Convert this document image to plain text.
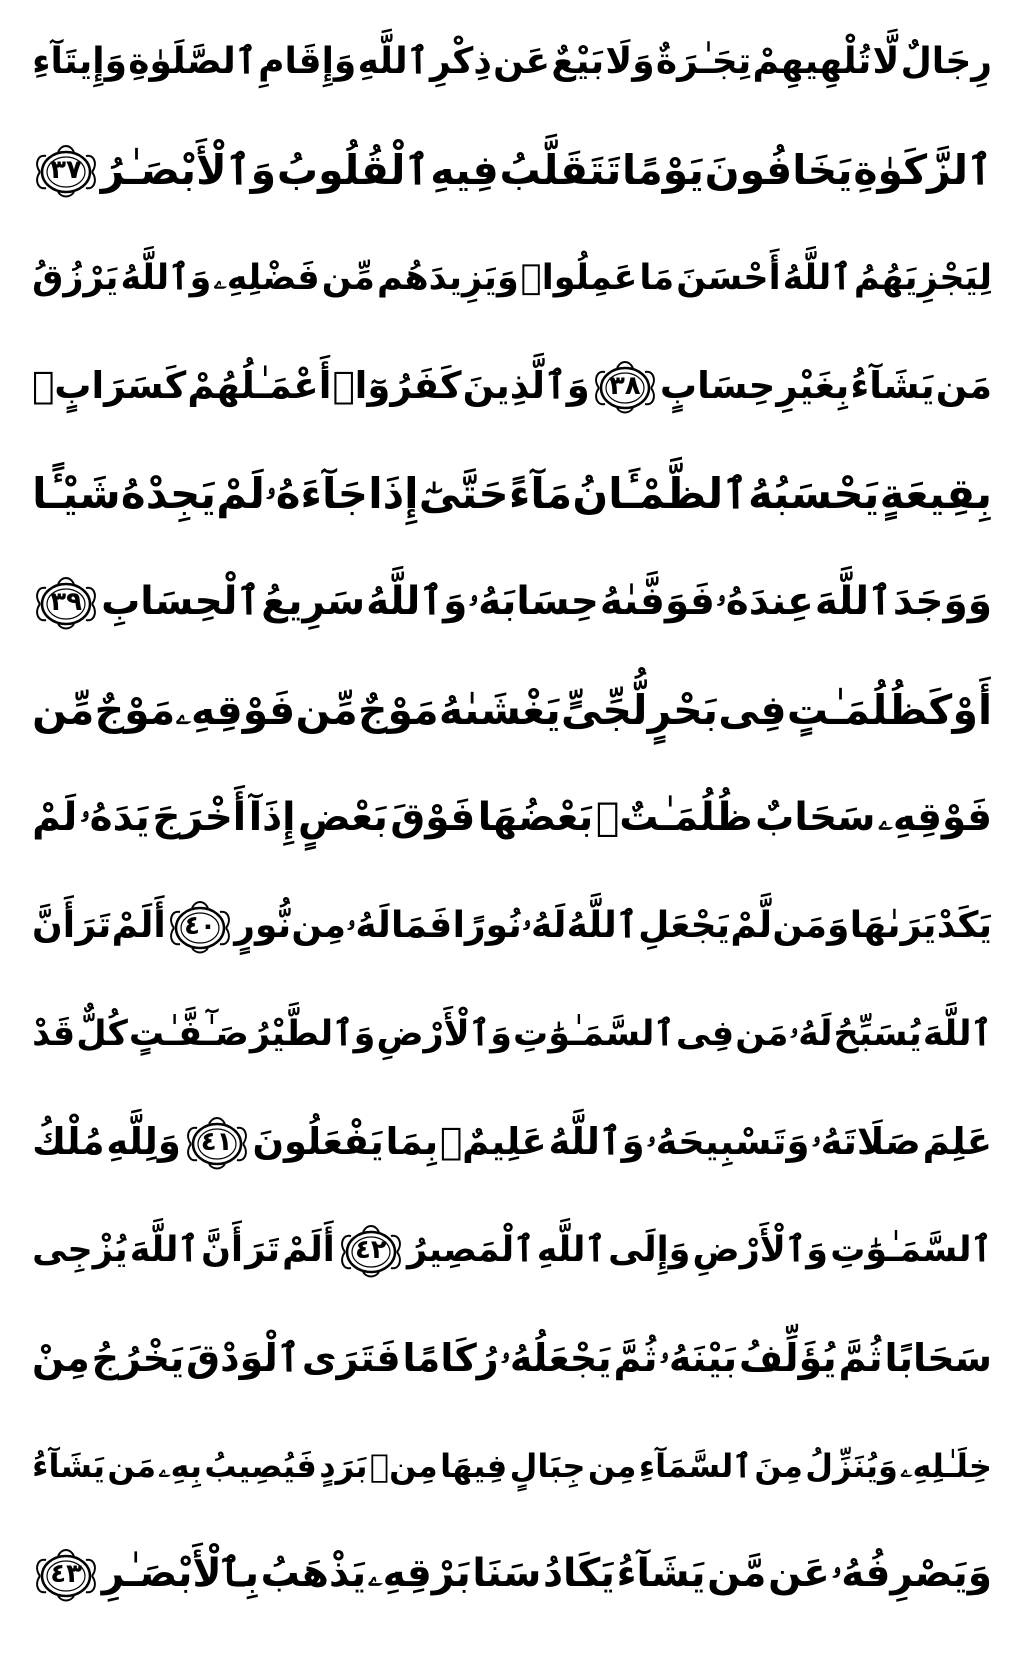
رِجَالٌ
لَّا
تُلْهِيهِمْ
تِجَـٰرَةٌ
وَلَا
بَيْعٌ
عَن
ذِكْرِ
ٱللَّهِ
وَإِقَامِ
ٱلصَّلَوٰةِ
وَإِيتَآءِ
ٱلزَّكَوٰةِ
يَخَافُونَ
يَوْمًا
تَتَقَلَّبُ
فِيهِ
ٱلْقُلُوبُ
وَٱلْأَبْصَـٰرُ
٣٧
لِيَجْزِيَهُمُ
ٱللَّهُ
أَحْسَنَ
مَا
عَمِلُوا۟
وَيَزِيدَهُم
مِّن
فَضْلِهِۦ
وَٱللَّهُ
يَرْزُقُ
مَن
يَشَآءُ
بِغَيْرِ
حِسَابٍ
٣٨
وَٱلَّذِينَ
كَفَرُوٓا۟
أَعْمَـٰلُهُمْ
كَسَرَابٍۭ
بِقِيعَةٍ
يَحْسَبُهُ
ٱلظَّمْـَٔانُ
مَآءً
حَتَّىٰٓ
إِذَا
جَآءَهُۥ
لَمْ
يَجِدْهُ
شَيْـًٔا
وَوَجَدَ
ٱللَّهَ
عِندَهُۥ
فَوَفَّىٰهُ
حِسَابَهُۥ
وَٱللَّهُ
سَرِيعُ
ٱلْحِسَابِ
٣٩
أَوْ
كَظُلُمَـٰتٍ
فِى
بَحْرٍ
لُّجِّىٍّ
يَغْشَىٰهُ
مَوْجٌ
مِّن
فَوْقِهِۦ
مَوْجٌ
مِّن
فَوْقِهِۦ
سَحَابٌ
ظُلُمَـٰتٌۢ
بَعْضُهَا
فَوْقَ
بَعْضٍ
إِذَآ
أَخْرَجَ
يَدَهُۥ
لَمْ
يَكَدْ
يَرَىٰهَا
وَمَن
لَّمْ
يَجْعَلِ
ٱللَّهُ
لَهُۥ
نُورًا
فَمَا
لَهُۥ
مِن
نُّورٍ
٤٠
أَلَمْ
تَرَ
أَنَّ
ٱللَّهَ
يُسَبِّحُ
لَهُۥ
مَن
فِى
ٱلسَّمَـٰوَٰتِ
وَٱلْأَرْضِ
وَٱلطَّيْرُ
صَـٰٓفَّـٰتٍ
كُلٌّ
قَدْ
عَلِمَ
صَلَاتَهُۥ
وَتَسْبِيحَهُۥ
وَٱللَّهُ
عَلِيمٌۢ
بِمَا
يَفْعَلُونَ
٤١
وَلِلَّهِ
مُلْكُ
ٱلسَّمَـٰوَٰتِ
وَٱلْأَرْضِ
وَإِلَى
ٱللَّهِ
ٱلْمَصِيرُ
٤٢
أَلَمْ
تَرَ
أَنَّ
ٱللَّهَ
يُزْجِى
سَحَابًا
ثُمَّ
يُؤَلِّفُ
بَيْنَهُۥ
ثُمَّ
يَجْعَلُهُۥ
رُكَامًا
فَتَرَى
ٱلْوَدْقَ
يَخْرُجُ
مِنْ
خِلَـٰلِهِۦ
وَيُنَزِّلُ
مِنَ
ٱلسَّمَآءِ
مِن
جِبَالٍ
فِيهَا
مِنۢ
بَرَدٍ
فَيُصِيبُ
بِهِۦ
مَن
يَشَآءُ
وَيَصْرِفُهُۥ
عَن
مَّن
يَشَآءُ
يَكَادُ
سَنَا
بَرْقِهِۦ
يَذْهَبُ
بِٱلْأَبْصَـٰرِ
٤٣
